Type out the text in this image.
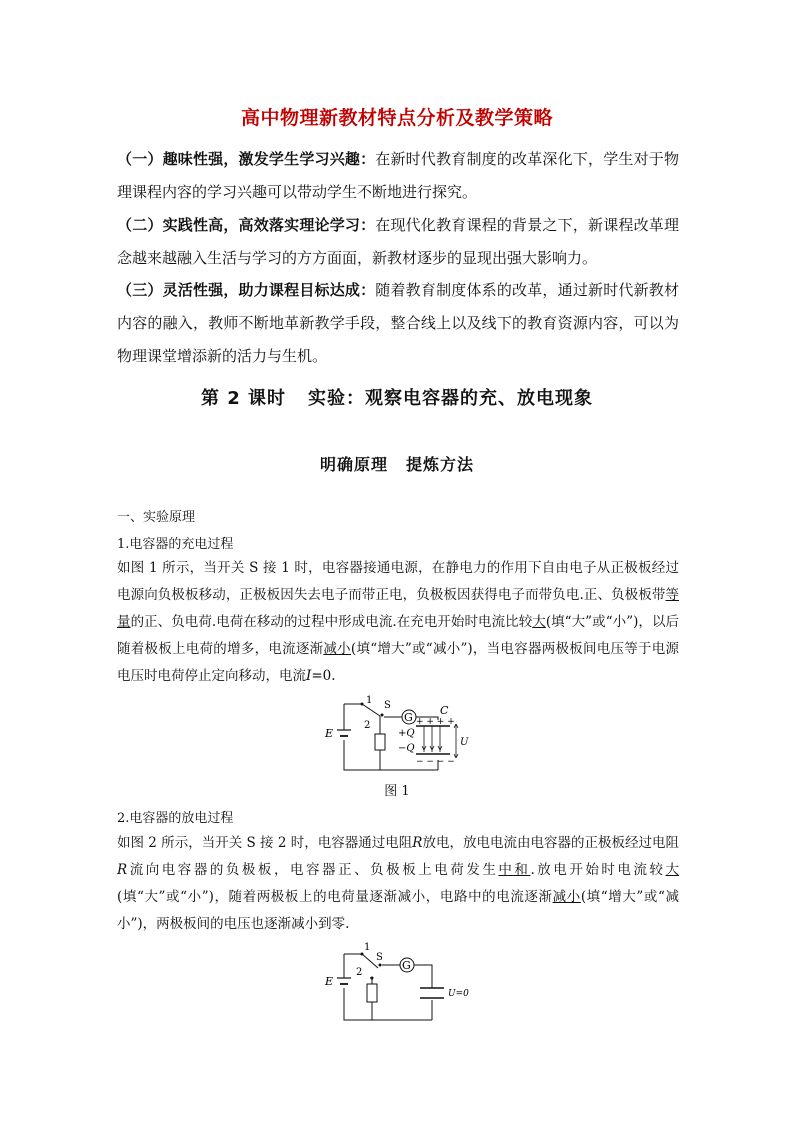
高中物理新教材特点分析及教学策略
（一）趣味性强，激发学生学习兴趣：在新时代教育制度的改革深化下，学生对于物理课程内容的学习兴趣可以带动学生不断地进行探究。
（二）实践性高，高效落实理论学习：在现代化教育课程的背景之下，新课程改革理念越来越融入生活与学习的方方面面，新教材逐步的显现出强大影响力。
（三）灵活性强，助力课程目标达成：随着教育制度体系的改革，通过新时代新教材内容的融入，教师不断地革新教学手段，整合线上以及线下的教育资源内容，可以为物理课堂增添新的活力与生机。
第 2 课时 实验：观察电容器的充、放电现象
明确原理 提炼方法
一、实验原理
1.电容器的充电过程
如图 1 所示，当开关 S 接 1 时，电容器接通电源，在静电力的作用下自由电子从正极板经过电源向负极板移动，正极板因失去电子而带正电，负极板因获得电子而带负电.正、负极板带等量的正、负电荷.电荷在移动的过程中形成电流.在充电开始时电流比较大(填“大”或“小”)，以后随着极板上电荷的增多，电流逐渐减小(填“增大”或“减小”)，当电容器两极板间电压等于电源电压时电荷停止定向移动，电流I=0.
G
E
1 S
2
C
+ + + +
− − − −
+Q
−Q
U
图 1
2.电容器的放电过程
如图 2 所示，当开关 S 接 2 时，电容器通过电阻R放电，放电电流由电容器的正极板经过电阻R流向电容器的负极板，电容器正、负极板上电荷发生中和.放电开始时电流较大(填“大”或“小”)，随着两极板上的电荷量逐渐减小，电路中的电流逐渐减小(填“增大”或“减小”)，两极板间的电压也逐渐减小到零.
G
E
1
S
2
U=0
